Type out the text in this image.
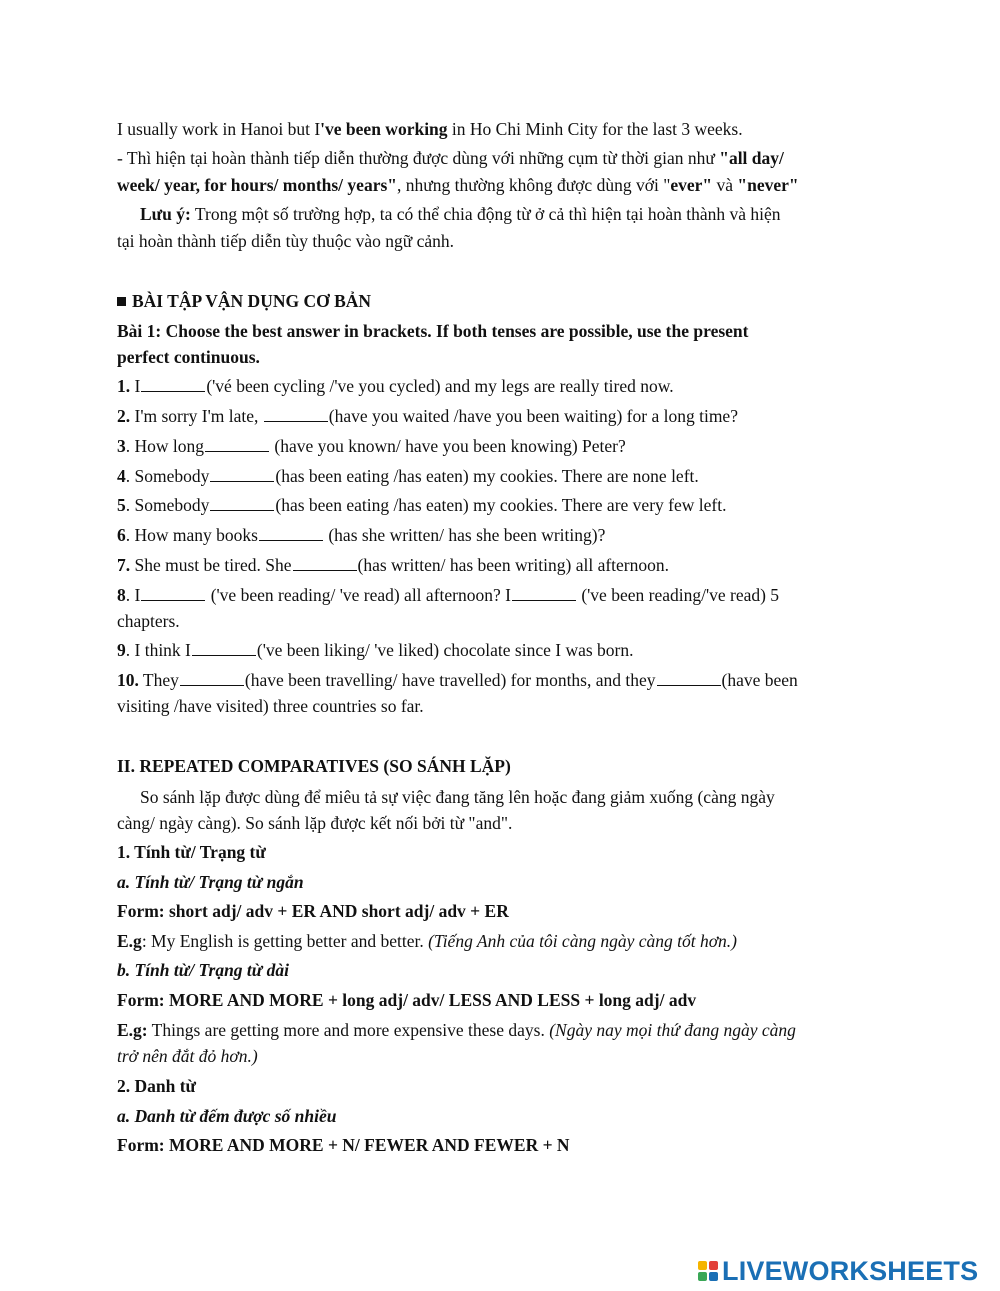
I usually work in Hanoi but I've been working in Ho Chi Minh City for the last 3 weeks.
- Thì hiện tại hoàn thành tiếp diễn thường được dùng với những cụm từ thời gian như "all day/
week/ year, for hours/ months/ years", nhưng thường không được dùng với "ever" và "never"
Lưu ý: Trong một số trường hợp, ta có thể chia động từ ở cả thì hiện tại hoàn thành và hiện
tại hoàn thành tiếp diễn tùy thuộc vào ngữ cảnh.
BÀI TẬP VẬN DỤNG CƠ BẢN
Bài 1: Choose the best answer in brackets. If both tenses are possible, use the present
perfect continuous.
1. I	('vé been cycling /'ve you cycled) and my legs are really tired now.
2. I'm sorry I'm late,	(have you waited /have you been waiting) for a long time?
3. How long	(have you known/ have you been knowing) Peter?
4. Somebody	(has been eating /has eaten) my cookies. There are none left.
5. Somebody	(has been eating /has eaten) my cookies. There are very few left.
6. How many books	(has she written/ has she been writing)?
7. She must be tired. She	(has written/ has been writing) all afternoon.
8. I	('ve been reading/ 've read) all afternoon? I	('ve been reading/'ve read) 5
chapters.
9. I think I	('ve been liking/ 've liked) chocolate since I was born.
10. They	(have been travelling/ have travelled) for months, and they	(have been
visiting /have visited) three countries so far.
II. REPEATED COMPARATIVES (SO SÁNH LẶP)
So sánh lặp được dùng để miêu tả sự việc đang tăng lên hoặc đang giảm xuống (càng ngày
càng/ ngày càng). So sánh lặp được kết nối bởi từ "and".
1. Tính từ/ Trạng từ
a. Tính từ/ Trạng từ ngắn
Form: short adj/ adv + ER AND short adj/ adv + ER
E.g: My English is getting better and better. (Tiếng Anh của tôi càng ngày càng tốt hơn.)
b. Tính từ/ Trạng từ dài
Form: MORE AND MORE + long adj/ adv/ LESS AND LESS + long adj/ adv
E.g: Things are getting more and more expensive these days. (Ngày nay mọi thứ đang ngày càng
trở nên đắt đỏ hơn.)
2. Danh từ
a. Danh từ đếm được số nhiều
Form: MORE AND MORE + N/ FEWER AND FEWER + N
LIVEWORKSHEETS
